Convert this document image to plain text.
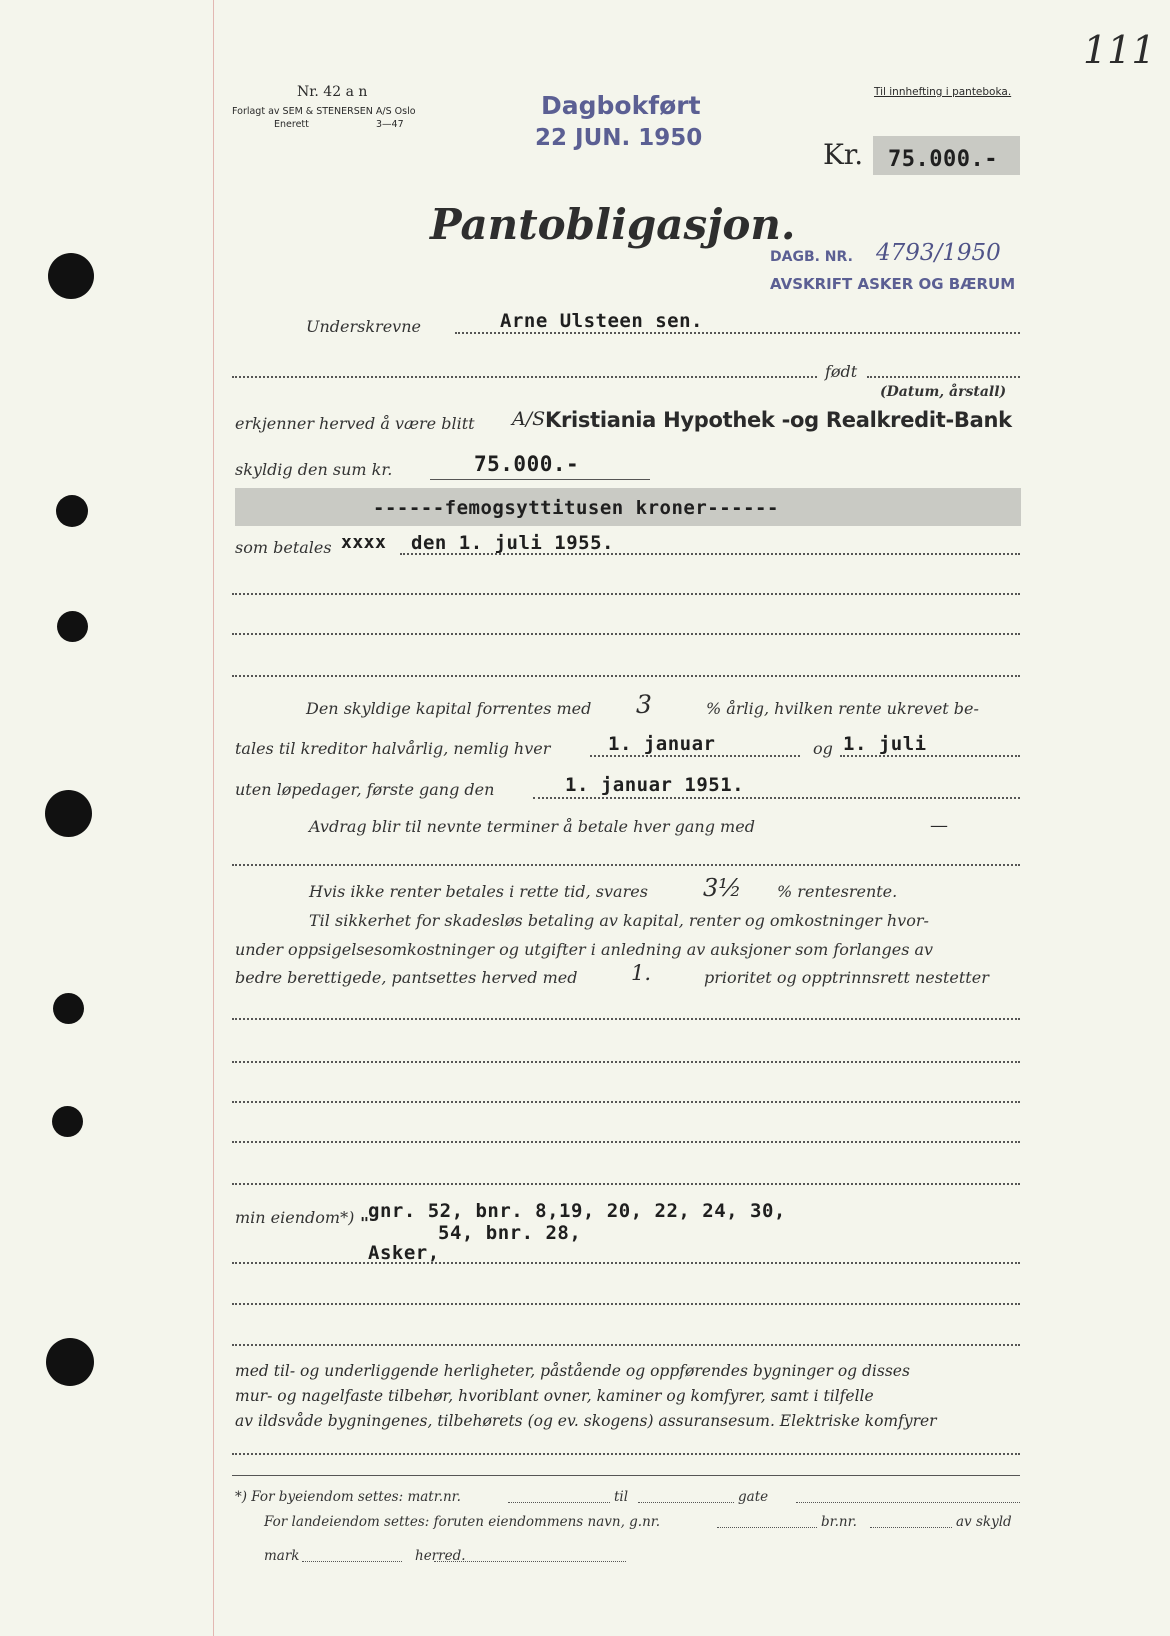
111
Nr. 42 a n
Forlagt av SEM & STENERSEN A/S Oslo
Enerett	3—47
Til innhefting i panteboka.
Dagbokført
22 JUN. 1950	Kr. 75.000.-
Pantobligasjon.
DAGB. NR. 4793/1950
AVSKRIFT ASKER OG BÆRUM
Underskrevne	Arne Ulsteen sen.
født
(Datum, årstall)
erkjenner herved å være blitt A/S Kristiania Hypothek -og Realkredit-Bank
skyldig den sum kr.	75.000.-
------femogsyttitusen kroner------
som betales xxxx den 1. juli 1955.
Den skyldige kapital forrentes med 3	% årlig, hvilken rente ukrevet be-
tales til kreditor halvårlig, nemlig hver	1. januar	og 1. juli
uten løpedager, første gang den	1. januar 1951.
Avdrag blir til nevnte terminer å betale hver gang med	—
Hvis ikke renter betales i rette tid, svares 3½ % rentesrente.
Til sikkerhet for skadesløs betaling av kapital, renter og omkostninger hvor-
under oppsigelsesomkostninger og utgifter i anledning av auksjoner som forlanges av
bedre berettigede, pantsettes herved med	1.	prioritet og opptrinnsrett nestetter
min eiendom*) gnr. 52, bnr. 8,19, 20, 22, 24, 30,
"	54, bnr. 28,
Asker,
med til- og underliggende herligheter, påstående og oppførendes bygninger og disses
mur- og nagelfaste tilbehør, hvoriblant ovner, kaminer og komfyrer, samt i tilfelle
av ildsvåde bygningenes, tilbehørets (og ev. skogens) assuransesum. Elektriske komfyrer
*) For byeiendom settes: matr.nr.	til	gate
For landeiendom settes: foruten eiendommens navn, g.nr.	br.nr.	av skyld
mark	herred.
